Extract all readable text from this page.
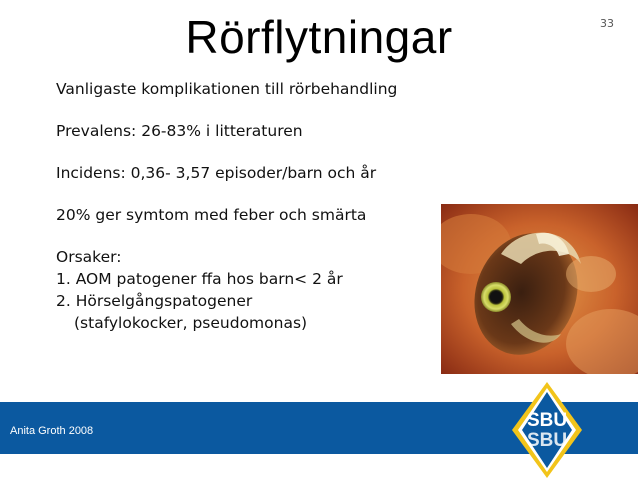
Rörflytningar	33
Vanligaste komplikationen till rörbehandling
Prevalens: 26-83% i litteraturen
Incidens: 0,36- 3,57 episoder/barn och år
20% ger symtom med feber och smärta
Orsaker:
1. AOM patogener ffa hos barn< 2 år
2. Hörselgångspatogener
(stafylokocker, pseudomonas)
Anita Groth 2008	SBU
SBU
